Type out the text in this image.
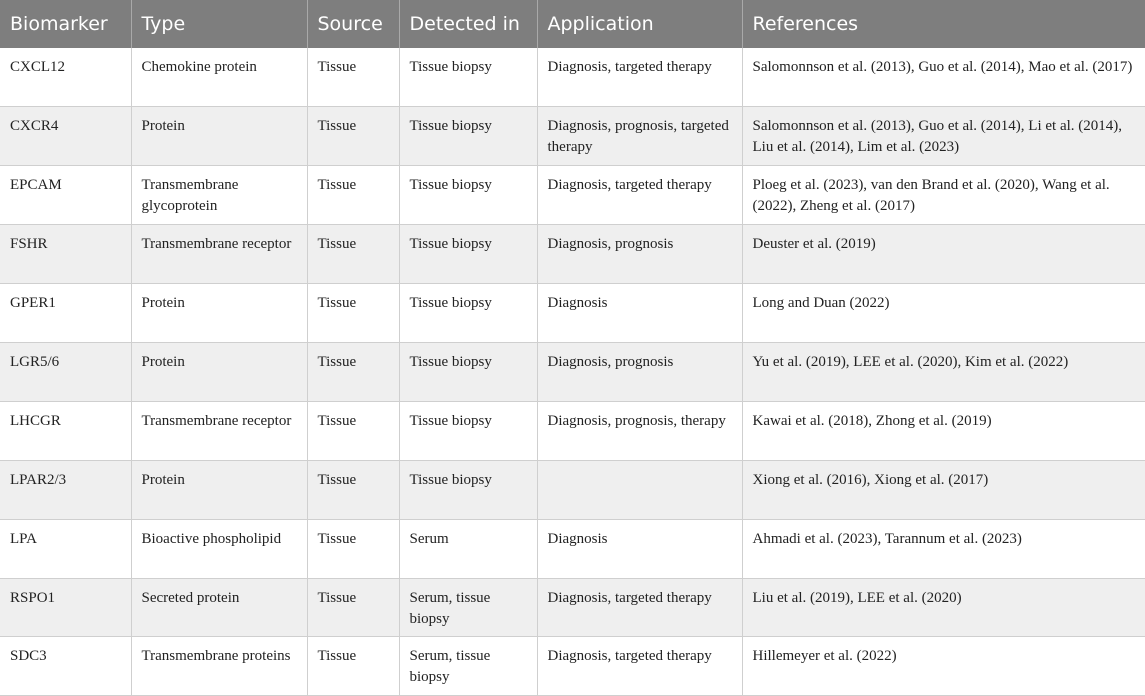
Biomarker	Type	Source	Detected in	Application	References
CXCL12	Chemokine protein	Tissue	Tissue biopsy	Diagnosis, targeted therapy	Salomonnson et al. (2013), Guo et al. (2014), Mao et al. (2017)
CXCR4	Protein	Tissue	Tissue biopsy	Diagnosis, prognosis, targeted therapy	Salomonnson et al. (2013), Guo et al. (2014), Li et al. (2014), Liu et al. (2014), Lim et al. (2023)
EPCAM	Transmembrane glycoprotein	Tissue	Tissue biopsy	Diagnosis, targeted therapy	Ploeg et al. (2023), van den Brand et al. (2020), Wang et al. (2022), Zheng et al. (2017)
FSHR	Transmembrane receptor	Tissue	Tissue biopsy	Diagnosis, prognosis	Deuster et al. (2019)
GPER1	Protein	Tissue	Tissue biopsy	Diagnosis	Long and Duan (2022)
LGR5/6	Protein	Tissue	Tissue biopsy	Diagnosis, prognosis	Yu et al. (2019), LEE et al. (2020), Kim et al. (2022)
LHCGR	Transmembrane receptor	Tissue	Tissue biopsy	Diagnosis, prognosis, therapy	Kawai et al. (2018), Zhong et al. (2019)
LPAR2/3	Protein	Tissue	Tissue biopsy		Xiong et al. (2016), Xiong et al. (2017)
LPA	Bioactive phospholipid	Tissue	Serum	Diagnosis	Ahmadi et al. (2023), Tarannum et al. (2023)
RSPO1	Secreted protein	Tissue	Serum, tissue biopsy	Diagnosis, targeted therapy	Liu et al. (2019), LEE et al. (2020)
SDC3	Transmembrane proteins	Tissue	Serum, tissue biopsy	Diagnosis, targeted therapy	Hillemeyer et al. (2022)
